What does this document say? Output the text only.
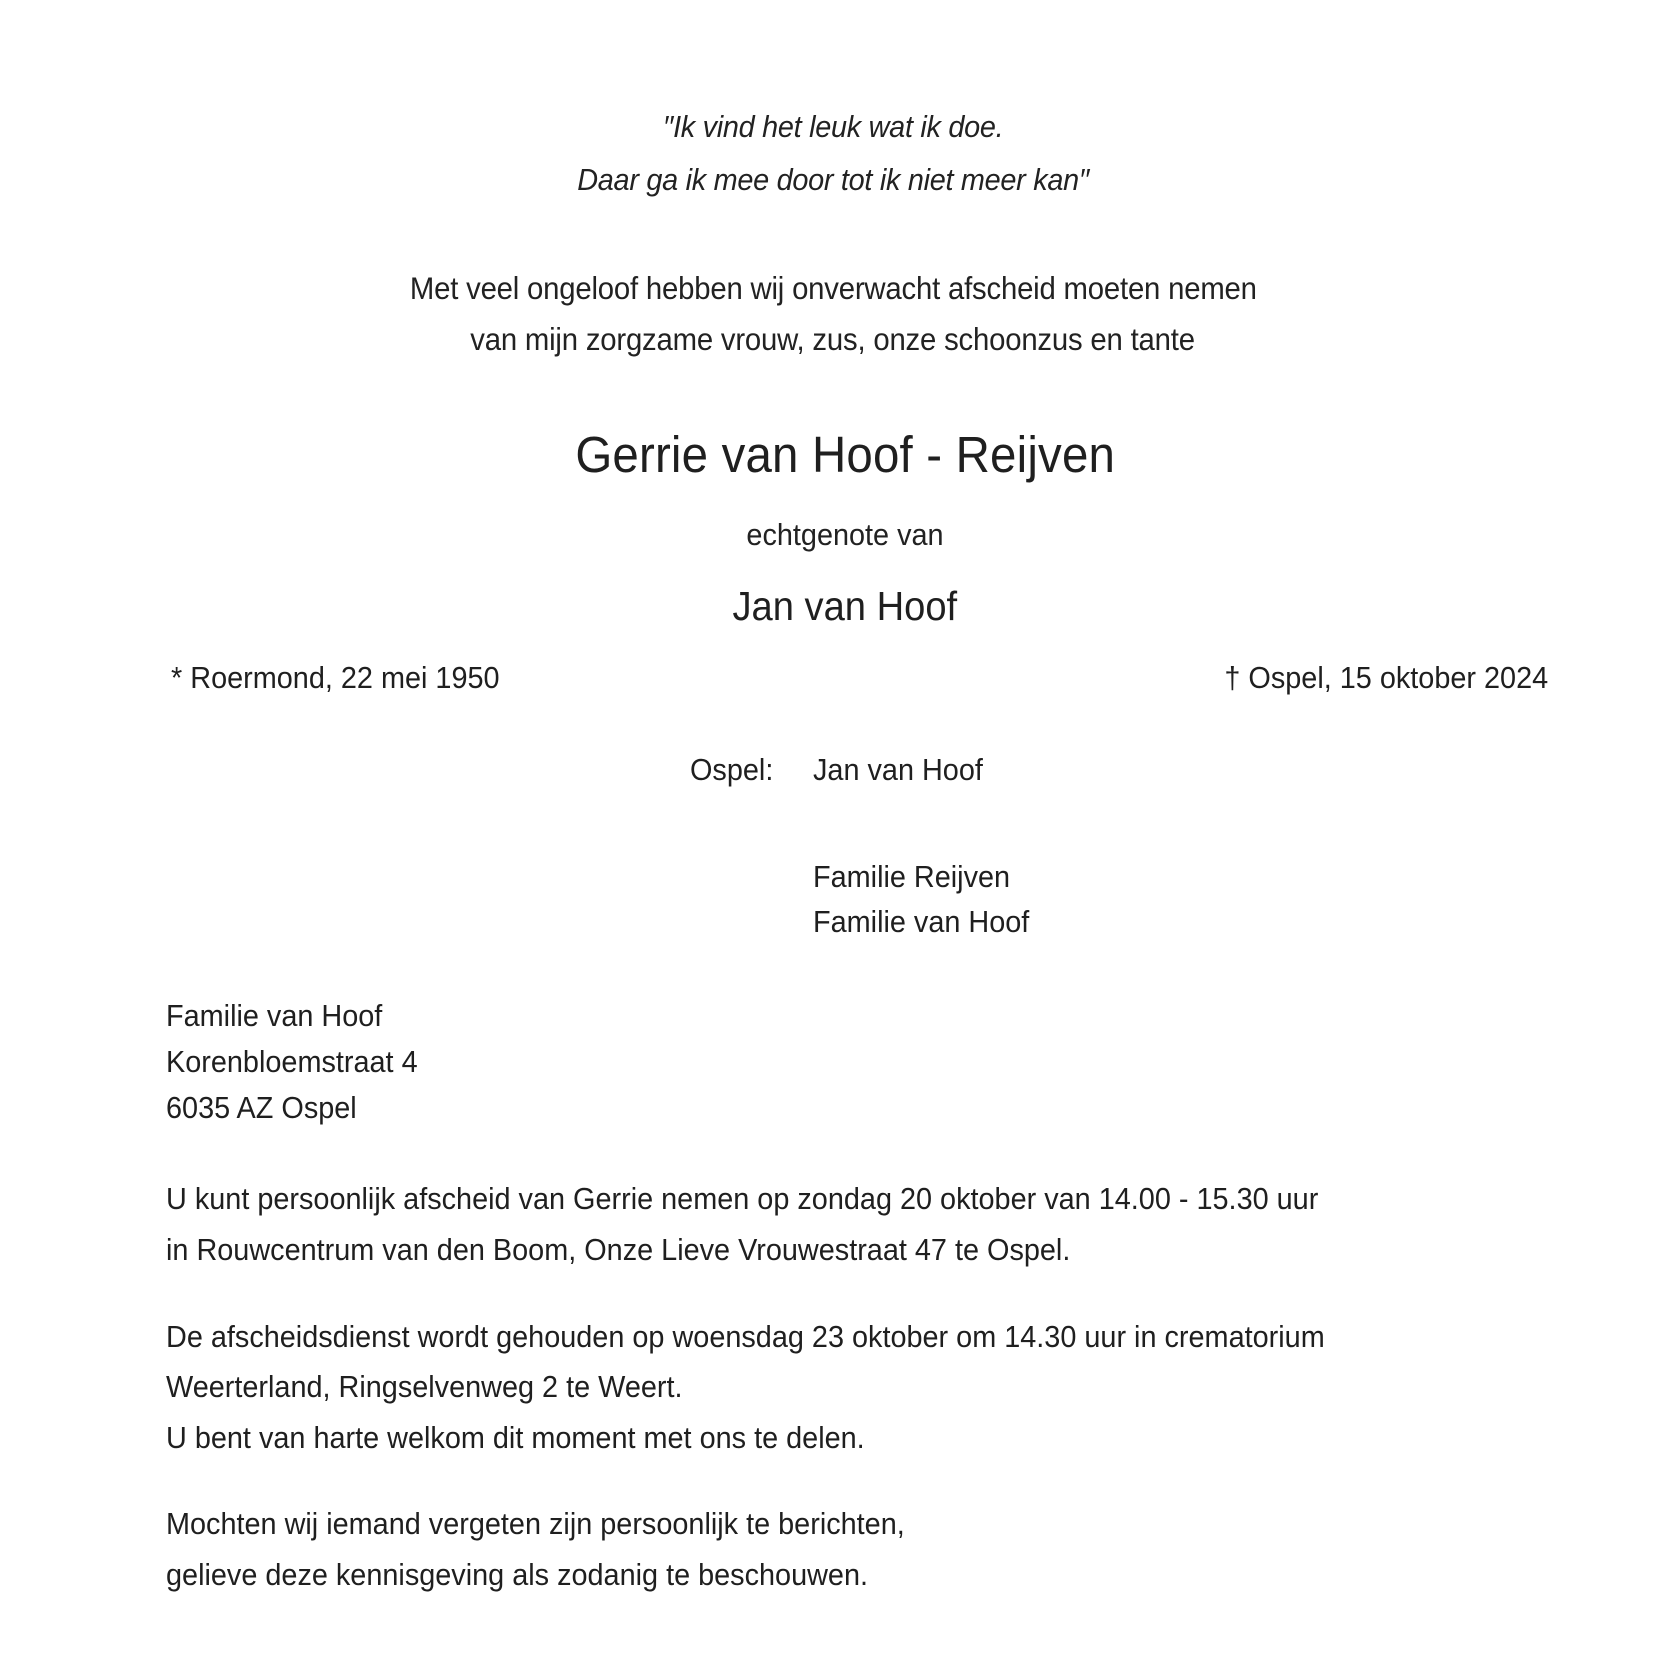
′′Ik vind het leuk wat ik doe.
Daar ga ik mee door tot ik niet meer kan′′
Met veel ongeloof hebben wij onverwacht afscheid moeten nemen
van mijn zorgzame vrouw, zus, onze schoonzus en tante
Gerrie van Hoof - Reijven
echtgenote van
Jan van Hoof
* Roermond, 22 mei 1950	† Ospel, 15 oktober 2024
Ospel: Jan van Hoof
Familie Reijven
Familie van Hoof
Familie van Hoof
Korenbloemstraat 4
6035 AZ Ospel
U kunt persoonlijk afscheid van Gerrie nemen op zondag 20 oktober van 14.00 - 15.30 uur
in Rouwcentrum van den Boom, Onze Lieve Vrouwestraat 47 te Ospel.
De afscheidsdienst wordt gehouden op woensdag 23 oktober om 14.30 uur in crematorium
Weerterland, Ringselvenweg 2 te Weert.
U bent van harte welkom dit moment met ons te delen.
Mochten wij iemand vergeten zijn persoonlijk te berichten,
gelieve deze kennisgeving als zodanig te beschouwen.
